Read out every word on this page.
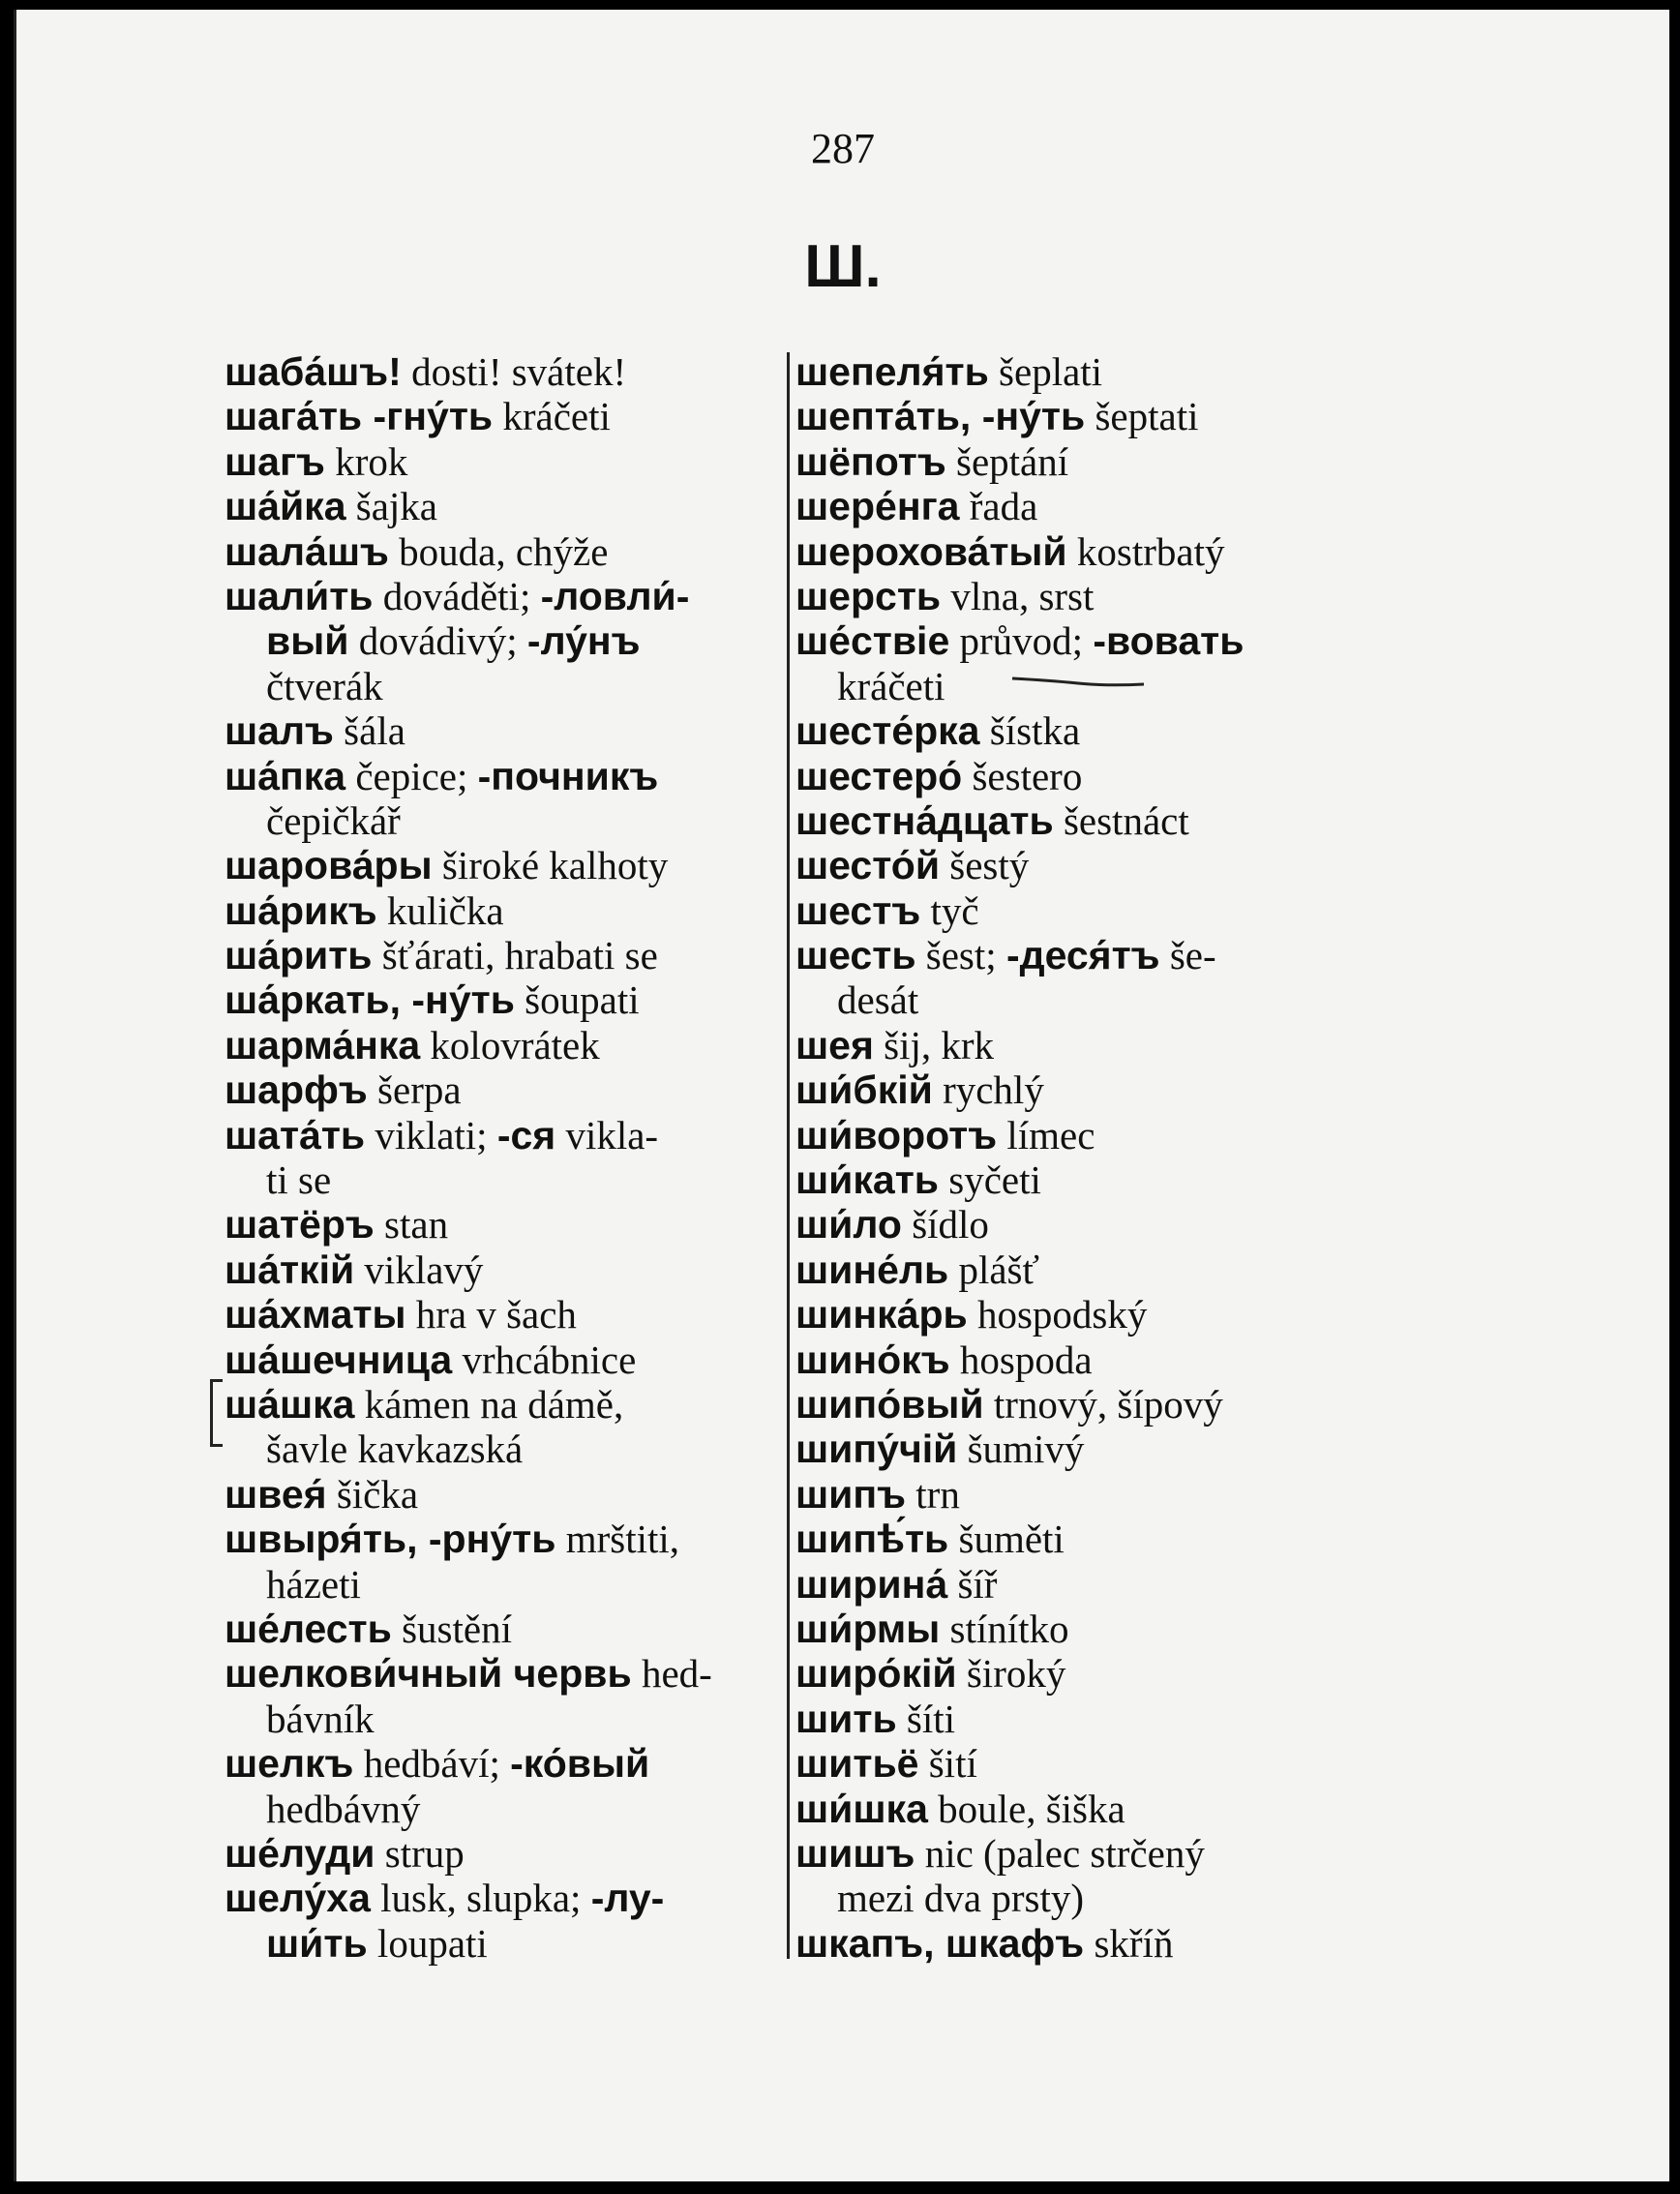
287
Ш.
шаба́шъ! dosti! svátek!
шага́ть -гну́ть kráčeti
шагъ krok
ша́йка šajka
шала́шъ bouda, chýže
шали́ть dováděti; -ловли́-
вый dovádivý; -лу́нъ
čtverák
шалъ šála
ша́пка čepice; -почникъ
čepičkář
шарова́ры široké kalhoty
ша́рикъ kulička
ша́рить šťárati, hrabati se
ша́ркать, -ну́ть šoupati
шарма́нка kolovrátek
шарфъ šerpa
шата́ть viklati; -ся vikla-
ti se
шатёръ stan
ша́ткій viklavý
ша́хматы hra v šach
ша́шечница vrhcábnice
ша́шка kámen na dámě,
šavle kavkazská
швея́ šička
швыря́ть, -рну́ть mrštiti,
házeti
ше́лесть šustění
шелкови́чный червь hed-
bávník
шелкъ hedbáví; -ко́вый
hedbávný
ше́луди strup
шелу́ха lusk, slupka; -лу-
ши́ть loupati
шепеля́ть šeplati
шепта́ть, -ну́ть šeptati
шёпотъ šeptání
шере́нга řada
шерохова́тый kostrbatý
шерсть vlna, srst
ше́ствіе průvod; -вовать
kráčeti
шесте́рка šístka
шестеро́ šestero
шестна́дцать šestnáct
шесто́й šestý
шестъ tyč
шесть šest; -деся́тъ še-
desát
шея šij, krk
ши́бкій rychlý
ши́воротъ límec
ши́кать syčeti
ши́ло šídlo
шине́ль plášť
шинка́рь hospodský
шино́къ hospoda
шипо́вый trnový, šípový
шипу́чій šumivý
шипъ trn
шипѣ́ть šuměti
ширина́ šíř
ши́рмы stínítko
широ́кій široký
шить šíti
шитьё šití
ши́шка boule, šiška
шишъ nic (palec strčený
mezi dva prsty)
шкапъ, шкафъ skříň
